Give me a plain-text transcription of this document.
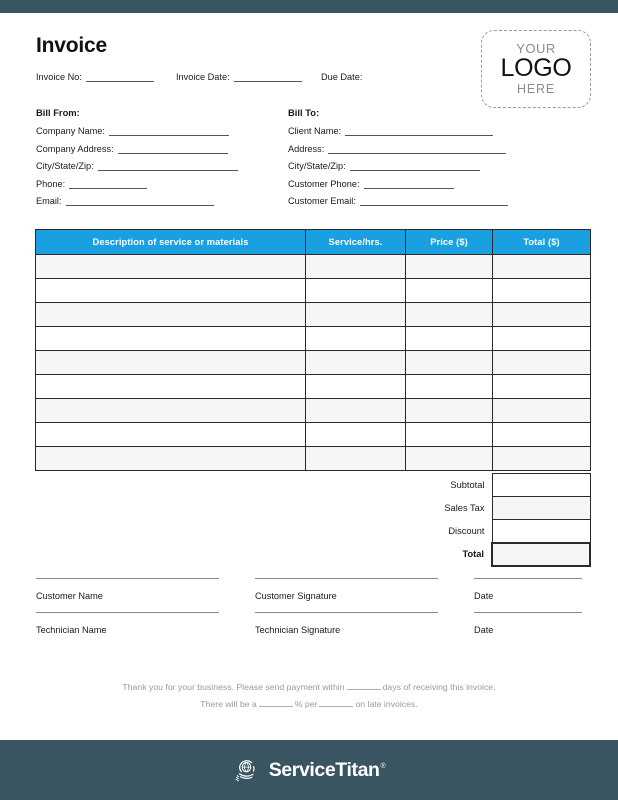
Invoice
Invoice No:	Invoice Date:	Due Date:
YOUR
LOGO
HERE
Bill From:
Company Name:
Company Address:
City/State/Zip:
Phone:
Email:
Bill To:
Client Name:
Address:
City/State/Zip:
Customer Phone:
Customer Email:
Description of service or materials	Service/hrs.	Price ($)	Total ($)

	Subtotal	
	Sales Tax	
	Discount	
	Total	
Customer Name	Customer Signature	Date
Technician Name	Technician Signature	Date
Thank you for your business. Please send payment within	days of receiving this invoice.
There will be a	% per	on late invoices.
ServiceTitan®
